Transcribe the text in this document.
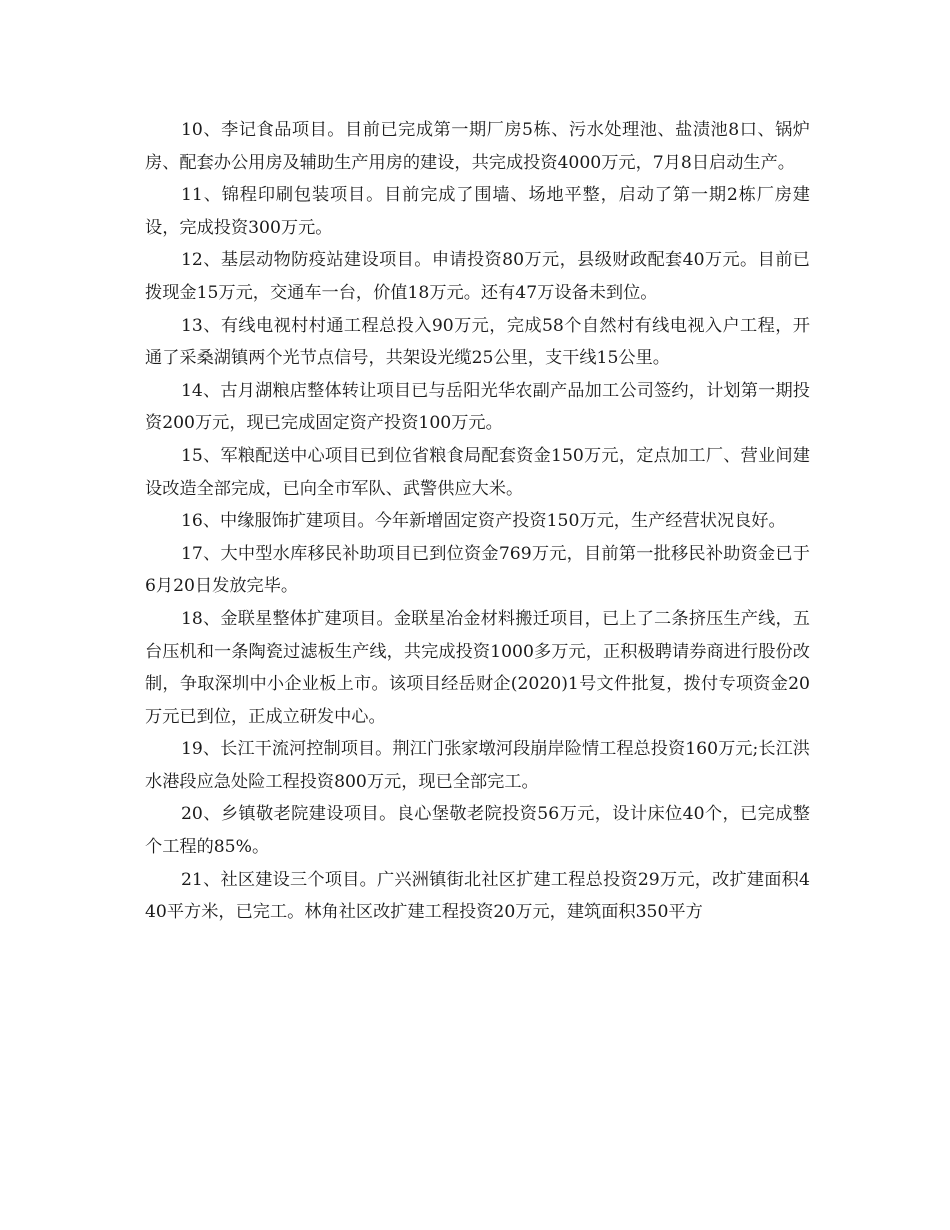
10、李记食品项目。目前已完成第一期厂房5栋、污水处理池、盐渍池8口、锅炉房、配套办公用房及辅助生产用房的建设，共完成投资4000万元，7月8日启动生产。

11、锦程印刷包装项目。目前完成了围墙、场地平整，启动了第一期2栋厂房建设，完成投资300万元。

12、基层动物防疫站建设项目。申请投资80万元，县级财政配套40万元。目前已拨现金15万元，交通车一台，价值18万元。还有47万设备未到位。

13、有线电视村村通工程总投入90万元，完成58个自然村有线电视入户工程，开通了采桑湖镇两个光节点信号，共架设光缆25公里，支干线15公里。

14、古月湖粮店整体转让项目已与岳阳光华农副产品加工公司签约，计划第一期投资200万元，现已完成固定资产投资100万元。

15、军粮配送中心项目已到位省粮食局配套资金150万元，定点加工厂、营业间建设改造全部完成，已向全市军队、武警供应大米。

16、中缘服饰扩建项目。今年新增固定资产投资150万元，生产经营状况良好。

17、大中型水库移民补助项目已到位资金769万元，目前第一批移民补助资金已于6月20日发放完毕。

18、金联星整体扩建项目。金联星冶金材料搬迁项目，已上了二条挤压生产线，五台压机和一条陶瓷过滤板生产线，共完成投资1000多万元，正积极聘请券商进行股份改制，争取深圳中小企业板上市。该项目经岳财企(2020)1号文件批复，拨付专项资金20万元已到位，正成立研发中心。

19、长江干流河控制项目。荆江门张家墩河段崩岸险情工程总投资160万元;长江洪水港段应急处险工程投资800万元，现已全部完工。

20、乡镇敬老院建设项目。良心堡敬老院投资56万元，设计床位40个，已完成整个工程的85%。

21、社区建设三个项目。广兴洲镇街北社区扩建工程总投资29万元，改扩建面积440平方米，已完工。林角社区改扩建工程投资20万元，建筑面积350平方
